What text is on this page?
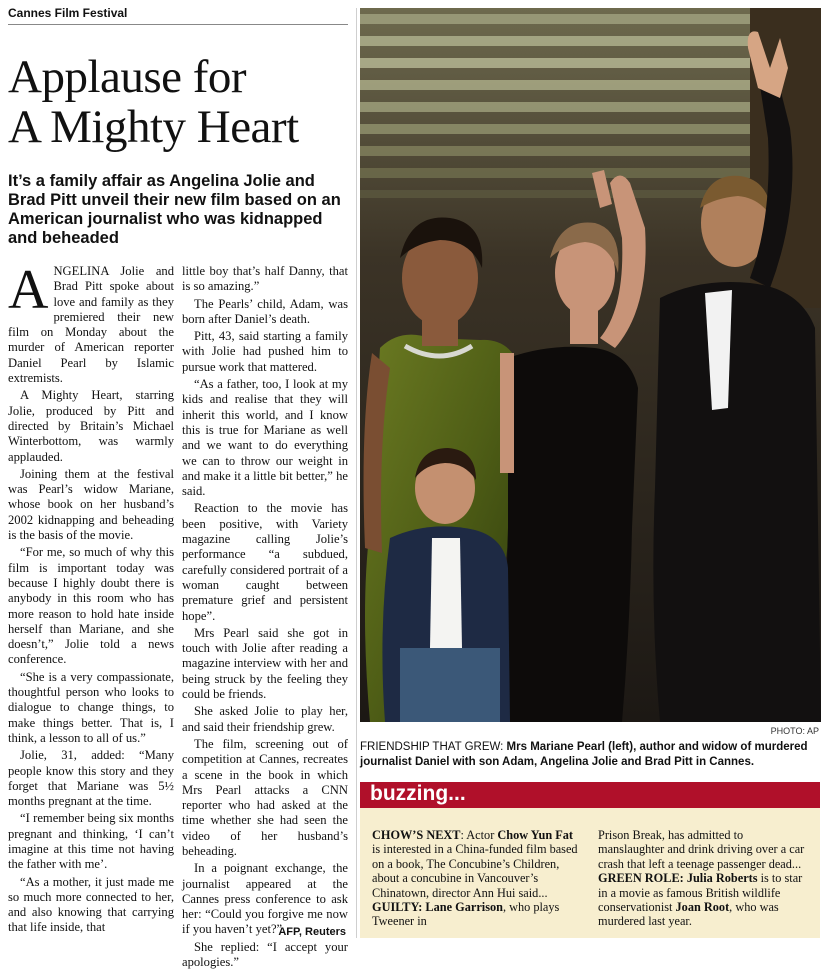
Cannes Film Festival
Applause for
A Mighty Heart
It’s a family affair as Angelina Jolie and Brad Pitt unveil their new film based on an American journalist who was kidnapped and beheaded

ANGELINA Jolie and Brad Pitt spoke about love and family as they premiered their new film on Monday about the murder of American reporter Daniel Pearl by Islamic extremists.

A Mighty Heart, starring Jolie, produced by Pitt and directed by Britain’s Michael Winterbottom, was warmly applauded.

Joining them at the festival was Pearl’s widow Mariane, whose book on her husband’s 2002 kidnapping and beheading is the basis of the movie.

“For me, so much of why this film is important today was because I highly doubt there is anybody in this room who has more reason to hold hate inside herself than Mariane, and she doesn’t,” Jolie told a news conference.

“She is a very compassionate, thoughtful person who looks to dialogue to change things, to make things better. That is, I think, a lesson to all of us.”

Jolie, 31, added: “Many people know this story and they forget that Mariane was 5½ months pregnant at the time.

“I remember being six months pregnant and thinking, ‘I can’t imagine at this time not having the father with me’.

“As a mother, it just made me so much more connected to her, and also knowing that carrying that life inside, that

little boy that’s half Danny, that is so amazing.”

The Pearls’ child, Adam, was born after Daniel’s death.

Pitt, 43, said starting a family with Jolie had pushed him to pursue work that mattered.

“As a father, too, I look at my kids and realise that they will inherit this world, and I know this is true for Mariane as well and we want to do everything we can to throw our weight in and make it a little bit better,” he said.

Reaction to the movie has been positive, with Variety magazine calling Jolie’s performance “a subdued, carefully considered portrait of a woman caught between premature grief and persistent hope”.

Mrs Pearl said she got in touch with Jolie after reading a magazine interview with her and being struck by the feeling they could be friends.

She asked Jolie to play her, and said their friendship grew.

The film, screening out of competition at Cannes, recreates a scene in the book in which Mrs Pearl attacks a CNN reporter who had asked at the time whether she had seen the video of her husband’s beheading.

In a poignant exchange, the journalist appeared at the Cannes press conference to ask her: “Could you forgive me now if you haven’t yet?”

She replied: “I accept your apologies.”

AFP, Reuters
PHOTO: AP
FRIENDSHIP THAT GREW: Mrs Mariane Pearl (left), author and widow of murdered journalist Daniel with son Adam, Angelina Jolie and Brad Pitt in Cannes.
buzzing...
CHOW’S NEXT: Actor Chow Yun Fat is interested in a China-funded film based on a book, The Concubine’s Children, about a concubine in Vancouver’s Chinatown, director Ann Hui said... GUILTY: Lane Garrison, who plays Tweener in
Prison Break, has admitted to manslaughter and drink driving over a car crash that left a teenage passenger dead... GREEN ROLE: Julia Roberts is to star in a movie as famous British wildlife conservationist Joan Root, who was murdered last year.
